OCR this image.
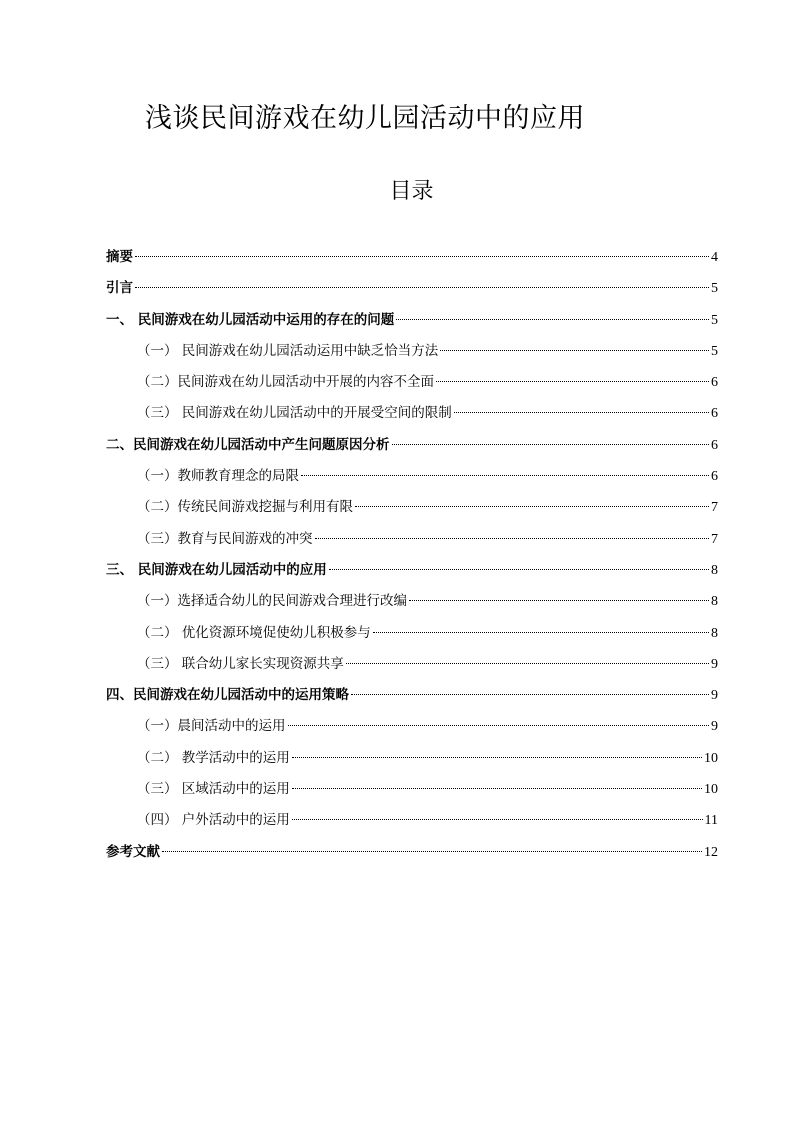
浅谈民间游戏在幼儿园活动中的应用
目录
摘要	4
引言	5
一、 民间游戏在幼儿园活动中运用的存在的问题	5
（一） 民间游戏在幼儿园活动运用中缺乏恰当方法	5
（二）民间游戏在幼儿园活动中开展的内容不全面	6
（三） 民间游戏在幼儿园活动中的开展受空间的限制	6
二、民间游戏在幼儿园活动中产生问题原因分析	6
（一）教师教育理念的局限	6
（二）传统民间游戏挖掘与利用有限	7
（三）教育与民间游戏的冲突	7
三、 民间游戏在幼儿园活动中的应用	8
（一）选择适合幼儿的民间游戏合理进行改编	8
（二） 优化资源环境促使幼儿积极参与	8
（三） 联合幼儿家长实现资源共享	9
四、民间游戏在幼儿园活动中的运用策略	9
（一）晨间活动中的运用	9
（二） 教学活动中的运用	10
（三） 区域活动中的运用	10
（四） 户外活动中的运用	11
参考文献	12
